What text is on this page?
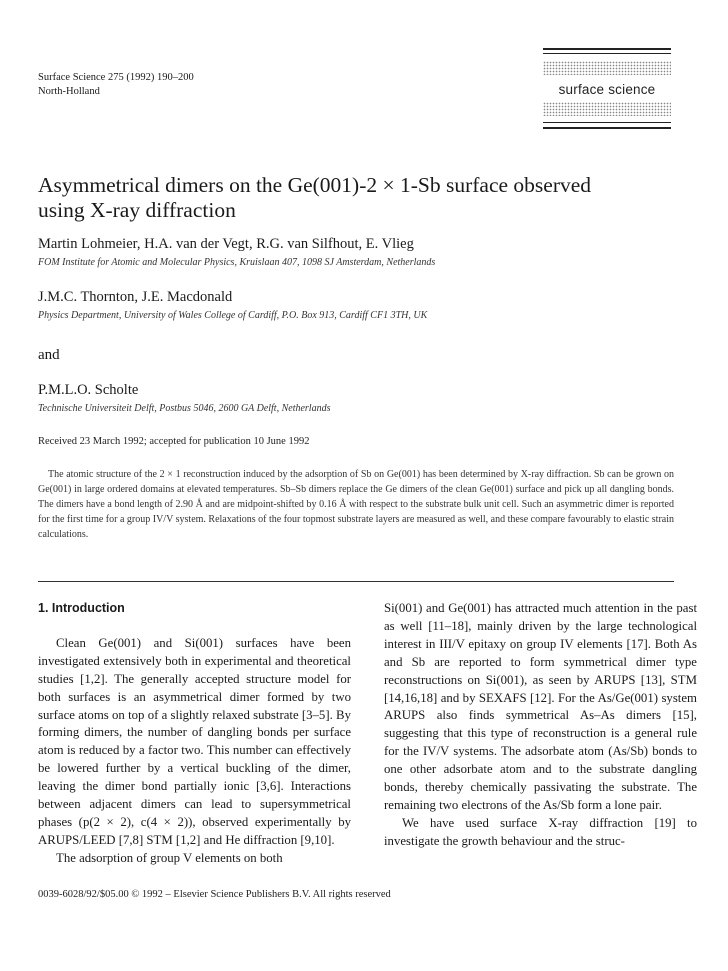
Surface Science 275 (1992) 190–200
North-Holland	surface science
Asymmetrical dimers on the Ge(001)-2 × 1-Sb surface observed
using X-ray diffraction
Martin Lohmeier, H.A. van der Vegt, R.G. van Silfhout, E. Vlieg
FOM Institute for Atomic and Molecular Physics, Kruislaan 407, 1098 SJ Amsterdam, Netherlands
J.M.C. Thornton, J.E. Macdonald
Physics Department, University of Wales College of Cardiff, P.O. Box 913, Cardiff CF1 3TH, UK
and
P.M.L.O. Scholte
Technische Universiteit Delft, Postbus 5046, 2600 GA Delft, Netherlands
Received 23 March 1992; accepted for publication 10 June 1992
The atomic structure of the 2 × 1 reconstruction induced by the adsorption of Sb on Ge(001) has been determined by X-ray diffraction. Sb can be grown on Ge(001) in large ordered domains at elevated temperatures. Sb–Sb dimers replace the Ge dimers of the clean Ge(001) surface and pick up all dangling bonds. The dimers have a bond length of 2.90 Å and are midpoint-shifted by 0.16 Å with respect to the substrate bulk unit cell. Such an asymmetric dimer is reported for the first time for a group IV/V system. Relaxations of the four topmost substrate layers are measured as well, and these compare favourably to elastic strain calculations.
1. Introduction
Clean Ge(001) and Si(001) surfaces have been investigated extensively both in experimental and theoretical studies [1,2]. The generally accepted structure model for both surfaces is an asymmetrical dimer formed by two surface atoms on top of a slightly relaxed substrate [3–5]. By forming dimers, the number of dangling bonds per surface atom is reduced by a factor two. This number can effectively be lowered further by a vertical buckling of the dimer, leaving the dimer bond partially ionic [3,6]. Interactions between adjacent dimers can lead to supersymmetrical phases (p(2 × 2), c(4 × 2)), observed experimentally by ARUPS/LEED [7,8] STM [1,2] and He diffraction [9,10].
The adsorption of group V elements on both
Si(001) and Ge(001) has attracted much attention in the past as well [11–18], mainly driven by the large technological interest in III/V epitaxy on group IV elements [17]. Both As and Sb are reported to form symmetrical dimer type reconstructions on Si(001), as seen by ARUPS [13], STM [14,16,18] and by SEXAFS [12]. For the As/Ge(001) system ARUPS also finds symmetrical As–As dimers [15], suggesting that this type of reconstruction is a general rule for the IV/V systems. The adsorbate atom (As/Sb) bonds to one other adsorbate atom and to the substrate dangling bonds, thereby chemically passivating the substrate. The remaining two electrons of the As/Sb form a lone pair.
We have used surface X-ray diffraction [19] to investigate the growth behaviour and the struc-
0039-6028/92/$05.00 © 1992 – Elsevier Science Publishers B.V. All rights reserved
